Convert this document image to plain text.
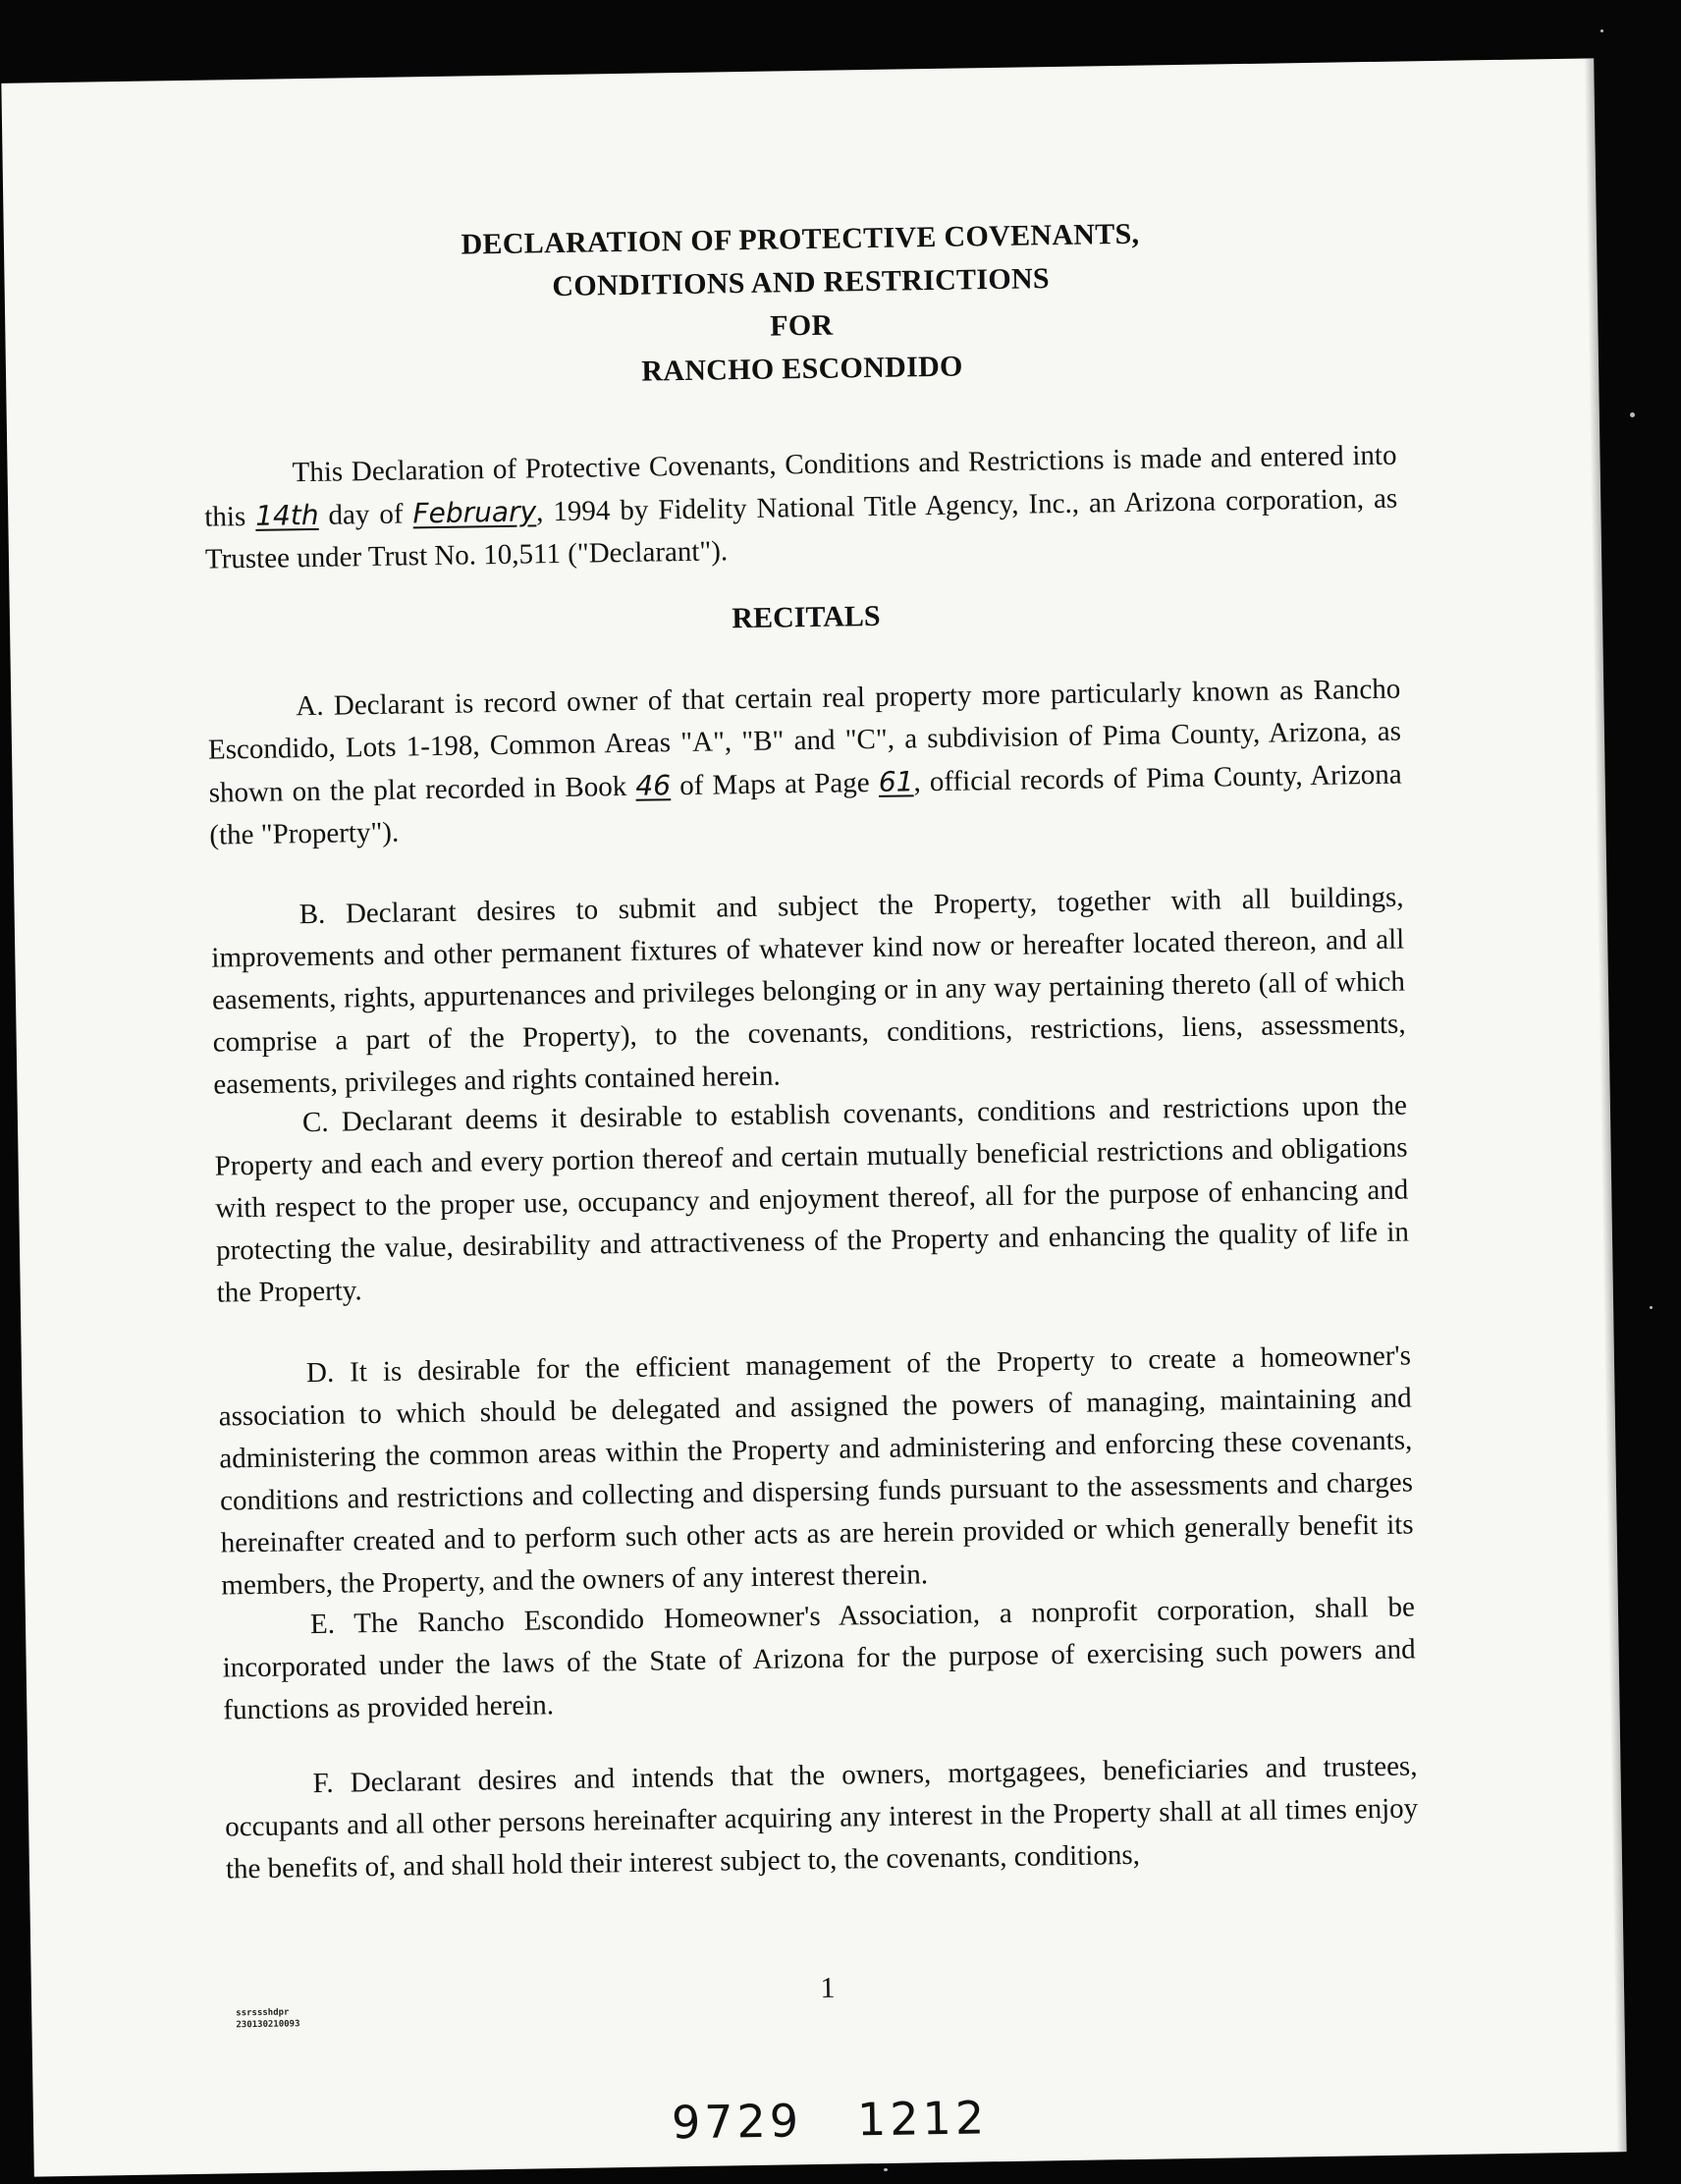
DECLARATION OF PROTECTIVE COVENANTS,
CONDITIONS AND RESTRICTIONS
FOR
RANCHO ESCONDIDO
This Declaration of Protective Covenants, Conditions and Restrictions is made and entered into this 14th day of February, 1994 by Fidelity National Title Agency, Inc., an Arizona corporation, as Trustee under Trust No. 10,511 ("Declarant").
RECITALS
A. Declarant is record owner of that certain real property more particularly known as Rancho Escondido, Lots 1-198, Common Areas "A", "B" and "C", a subdivision of Pima County, Arizona, as shown on the plat recorded in Book 46 of Maps at Page 61, official records of Pima County, Arizona (the "Property").
B. Declarant desires to submit and subject the Property, together with all buildings, improvements and other permanent fixtures of whatever kind now or hereafter located thereon, and all easements, rights, appurtenances and privileges belonging or in any way pertaining thereto (all of which comprise a part of the Property), to the covenants, conditions, restrictions, liens, assessments, easements, privileges and rights contained herein.
C. Declarant deems it desirable to establish covenants, conditions and restrictions upon the Property and each and every portion thereof and certain mutually beneficial restrictions and obligations with respect to the proper use, occupancy and enjoyment thereof, all for the purpose of enhancing and protecting the value, desirability and attractiveness of the Property and enhancing the quality of life in the Property.
D. It is desirable for the efficient management of the Property to create a homeowner's association to which should be delegated and assigned the powers of managing, maintaining and administering the common areas within the Property and administering and enforcing these covenants, conditions and restrictions and collecting and dispersing funds pursuant to the assessments and charges hereinafter created and to perform such other acts as are herein provided or which generally benefit its members, the Property, and the owners of any interest therein.
E. The Rancho Escondido Homeowner's Association, a nonprofit corporation, shall be incorporated under the laws of the State of Arizona for the purpose of exercising such powers and functions as provided herein.
F. Declarant desires and intends that the owners, mortgagees, beneficiaries and trustees, occupants and all other persons hereinafter acquiring any interest in the Property shall at all times enjoy the benefits of, and shall hold their interest subject to, the covenants, conditions,
ssrssshdpr
230130210093
1
9729 1212
